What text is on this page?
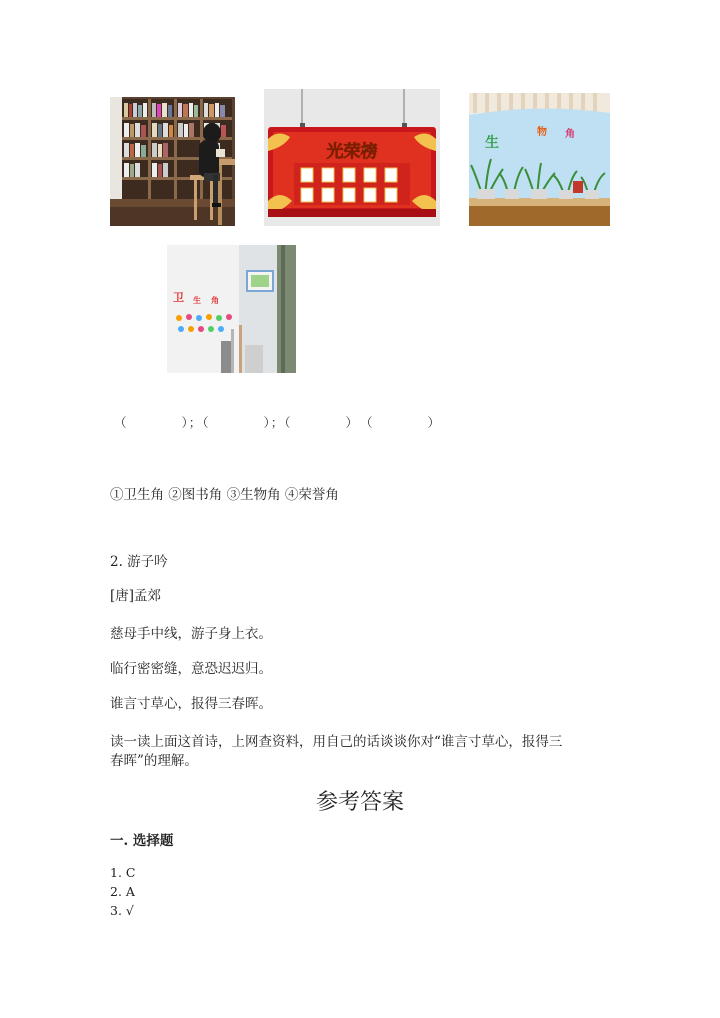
光荣榜	生
物 角
卫 生 角
（　　　　）；（　　　　）；（　　　　）　（　　　　）
①卫生角 ②图书角 ③生物角 ④荣誉角
2. 游子吟
[唐]孟郊
慈母手中线，游子身上衣。
临行密密缝，意恐迟迟归。
谁言寸草心，报得三春晖。
读一读上面这首诗，上网查资料，用自己的话谈谈你对“谁言寸草心，报得三
春晖”的理解。
参考答案
一. 选择题
1. C
2. A
3. √
